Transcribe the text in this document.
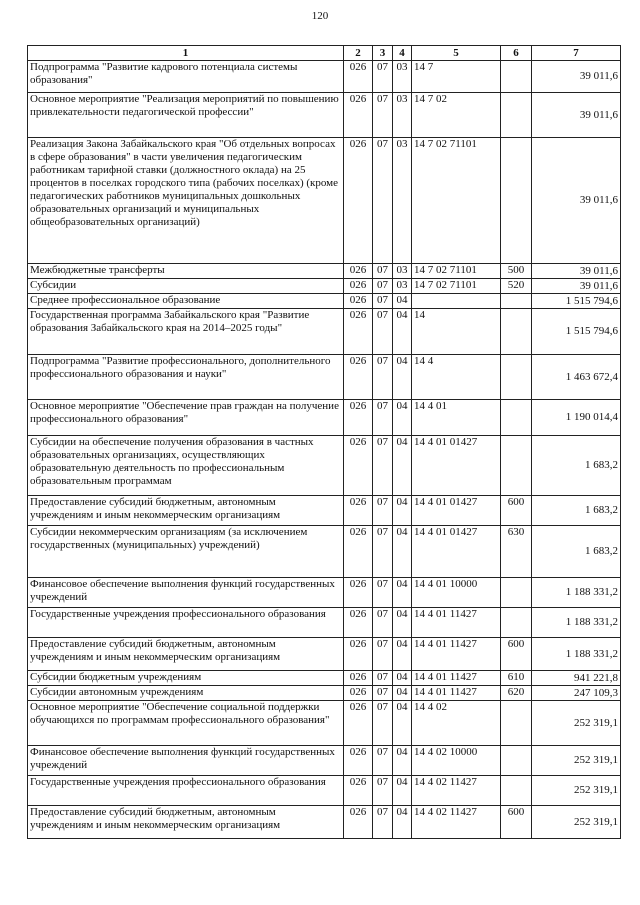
120
1	2	3	4	5	6	7
Подпрограмма "Развитие кадрового потенциала системы образования"	026	07	03	14 7		39 011,6
Основное мероприятие "Реализация мероприятий по повышению привлекательности педагогической профессии"	026	07	03	14 7 02		39 011,6
Реализация Закона Забайкальского края "Об отдельных вопросах в сфере образования" в части увеличения педагогическим работникам тарифной ставки (должностного оклада) на 25 процентов в поселках городского типа (рабочих поселках) (кроме педагогических работников муниципальных дошкольных образовательных организаций и муниципальных общеобразовательных организаций)	026	07	03	14 7 02 71101		39 011,6
Межбюджетные трансферты	026	07	03	14 7 02 71101	500	39 011,6
Субсидии	026	07	03	14 7 02 71101	520	39 011,6
Среднее профессиональное образование	026	07	04			1 515 794,6
Государственная программа Забайкальского края "Развитие образования Забайкальского края на 2014–2025 годы"	026	07	04	14		1 515 794,6
Подпрограмма "Развитие профессионального, дополнительного профессионального образования и науки"	026	07	04	14 4		1 463 672,4
Основное мероприятие "Обеспечение прав граждан на получение профессионального образования"	026	07	04	14 4 01		1 190 014,4
Субсидии на обеспечение получения образования в частных образовательных организациях, осуществляющих образовательную деятельность по профессиональным образовательным программам	026	07	04	14 4 01 01427		1 683,2
Предоставление субсидий бюджетным, автономным учреждениям и иным некоммерческим организациям	026	07	04	14 4 01 01427	600	1 683,2
Субсидии некоммерческим организациям (за исключением государственных (муниципальных) учреждений)	026	07	04	14 4 01 01427	630	1 683,2
Финансовое обеспечение выполнения функций государственных учреждений	026	07	04	14 4 01 10000		1 188 331,2
Государственные учреждения профессионального образования	026	07	04	14 4 01 11427		1 188 331,2
Предоставление субсидий бюджетным, автономным учреждениям и иным некоммерческим организациям	026	07	04	14 4 01 11427	600	1 188 331,2
Субсидии бюджетным учреждениям	026	07	04	14 4 01 11427	610	941 221,8
Субсидии автономным учреждениям	026	07	04	14 4 01 11427	620	247 109,3
Основное мероприятие "Обеспечение социальной поддержки обучающихся по программам профессионального образования"	026	07	04	14 4 02		252 319,1
Финансовое обеспечение выполнения функций государственных учреждений	026	07	04	14 4 02 10000		252 319,1
Государственные учреждения профессионального образования	026	07	04	14 4 02 11427		252 319,1
Предоставление субсидий бюджетным, автономным учреждениям и иным некоммерческим организациям	026	07	04	14 4 02 11427	600	252 319,1
